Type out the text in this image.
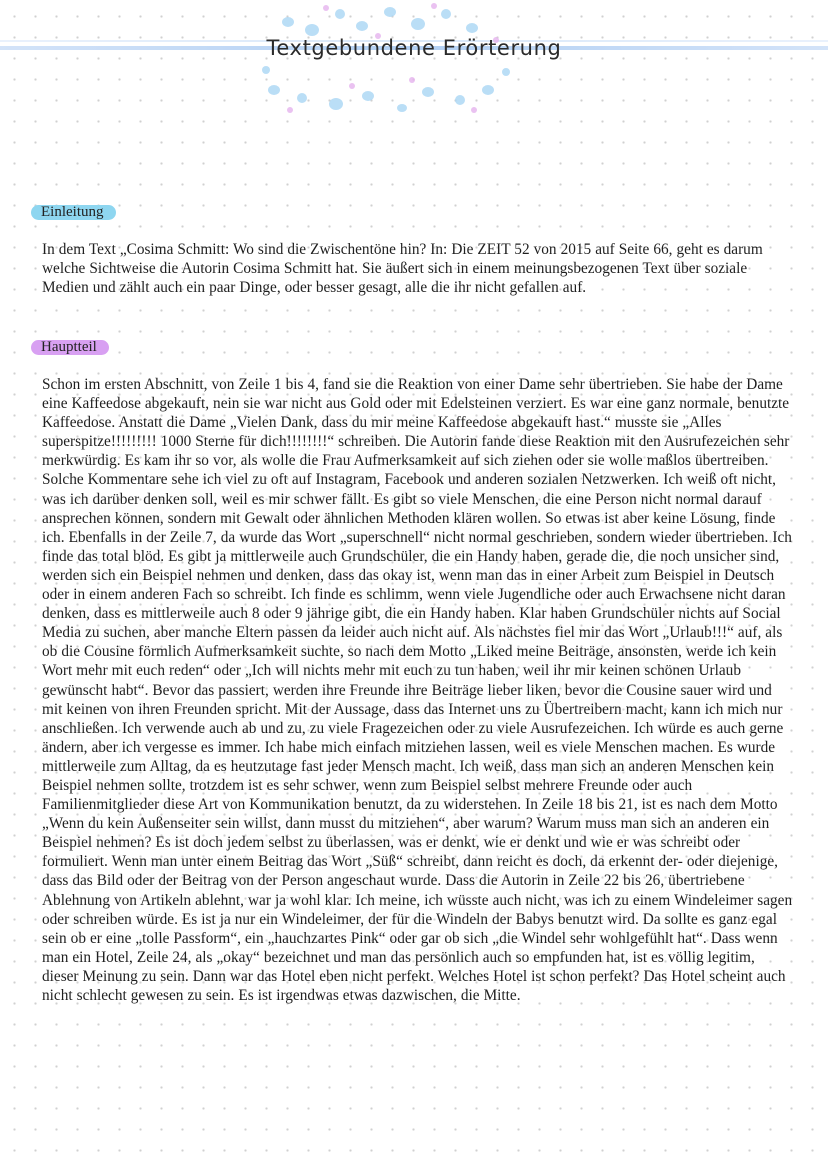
Textgebundene Erörterung
Einleitung

In dem Text „Cosima Schmitt: Wo sind die Zwischentöne hin? In: Die ZEIT 52 von 2015 auf Seite 66, geht es darum welche Sichtweise die Autorin Cosima Schmitt hat. Sie äußert sich in einem meinungsbezogenen Text über soziale Medien und zählt auch ein paar Dinge, oder besser gesagt, alle die ihr nicht gefallen auf.

Hauptteil

Schon im ersten Abschnitt, von Zeile 1 bis 4, fand sie die Reaktion von einer Dame sehr übertrieben. Sie habe der Dame eine Kaffeedose abgekauft, nein sie war nicht aus Gold oder mit Edelsteinen verziert. Es war eine ganz normale, benutzte Kaffeedose. Anstatt die Dame „Vielen Dank, dass du mir meine Kaffeedose abgekauft hast.“ musste sie „Alles superspitze!!!!!!!!! 1000 Sterne für dich!!!!!!!!“ schreiben. Die Autorin fande diese Reaktion mit den Ausrufezeichen sehr merkwürdig. Es kam ihr so vor, als wolle die Frau Aufmerksamkeit auf sich ziehen oder sie wolle maßlos übertreiben. Solche Kommentare sehe ich viel zu oft auf Instagram, Facebook und anderen sozialen Netzwerken. Ich weiß oft nicht, was ich darüber denken soll, weil es mir schwer fällt. Es gibt so viele Menschen, die eine Person nicht normal darauf ansprechen können, sondern mit Gewalt oder ähnlichen Methoden klären wollen. So etwas ist aber keine Lösung, finde ich. Ebenfalls in der Zeile 7, da wurde das Wort „superschnell“ nicht normal geschrieben, sondern wieder übertrieben. Ich finde das total blöd. Es gibt ja mittlerweile auch Grundschüler, die ein Handy haben, gerade die, die noch unsicher sind, werden sich ein Beispiel nehmen und denken, dass das okay ist, wenn man das in einer Arbeit zum Beispiel in Deutsch oder in einem anderen Fach so schreibt. Ich finde es schlimm, wenn viele Jugendliche oder auch Erwachsene nicht daran denken, dass es mittlerweile auch 8 oder 9 jährige gibt, die ein Handy haben. Klar haben Grundschüler nichts auf Social Media zu suchen, aber manche Eltern passen da leider auch nicht auf. Als nächstes fiel mir das Wort „Urlaub!!!“ auf, als ob die Cousine förmlich Aufmerksamkeit suchte, so nach dem Motto „Liked meine Beiträge, ansonsten, werde ich kein Wort mehr mit euch reden“ oder „Ich will nichts mehr mit euch zu tun haben, weil ihr mir keinen schönen Urlaub gewünscht habt“. Bevor das passiert, werden ihre Freunde ihre Beiträge lieber liken, bevor die Cousine sauer wird und mit keinen von ihren Freunden spricht. Mit der Aussage, dass das Internet uns zu Übertreibern macht, kann ich mich nur anschließen. Ich verwende auch ab und zu, zu viele Fragezeichen oder zu viele Ausrufezeichen. Ich würde es auch gerne ändern, aber ich vergesse es immer. Ich habe mich einfach mitziehen lassen, weil es viele Menschen machen. Es wurde mittlerweile zum Alltag, da es heutzutage fast jeder Mensch macht. Ich weiß, dass man sich an anderen Menschen kein Beispiel nehmen sollte, trotzdem ist es sehr schwer, wenn zum Beispiel selbst mehrere Freunde oder auch Familienmitglieder diese Art von Kommunikation benutzt, da zu widerstehen. In Zeile 18 bis 21, ist es nach dem Motto „Wenn du kein Außenseiter sein willst, dann musst du mitziehen“, aber warum? Warum muss man sich an anderen ein Beispiel nehmen? Es ist doch jedem selbst zu überlassen, was er denkt, wie er denkt und wie er was schreibt oder formuliert. Wenn man unter einem Beitrag das Wort „Süß“ schreibt, dann reicht es doch, da erkennt der- oder diejenige, dass das Bild oder der Beitrag von der Person angeschaut wurde. Dass die Autorin in Zeile 22 bis 26, übertriebene Ablehnung von Artikeln ablehnt, war ja wohl klar. Ich meine, ich wüsste auch nicht, was ich zu einem Windeleimer sagen oder schreiben würde. Es ist ja nur ein Windeleimer, der für die Windeln der Babys benutzt wird. Da sollte es ganz egal sein ob er eine „tolle Passform“, ein „hauchzartes Pink“ oder gar ob sich „die Windel sehr wohlgefühlt hat“. Dass wenn man ein Hotel, Zeile 24, als „okay“ bezeichnet und man das persönlich auch so empfunden hat, ist es völlig legitim, dieser Meinung zu sein. Dann war das Hotel eben nicht perfekt. Welches Hotel ist schon perfekt? Das Hotel scheint auch nicht schlecht gewesen zu sein. Es ist irgendwas etwas dazwischen, die Mitte.
